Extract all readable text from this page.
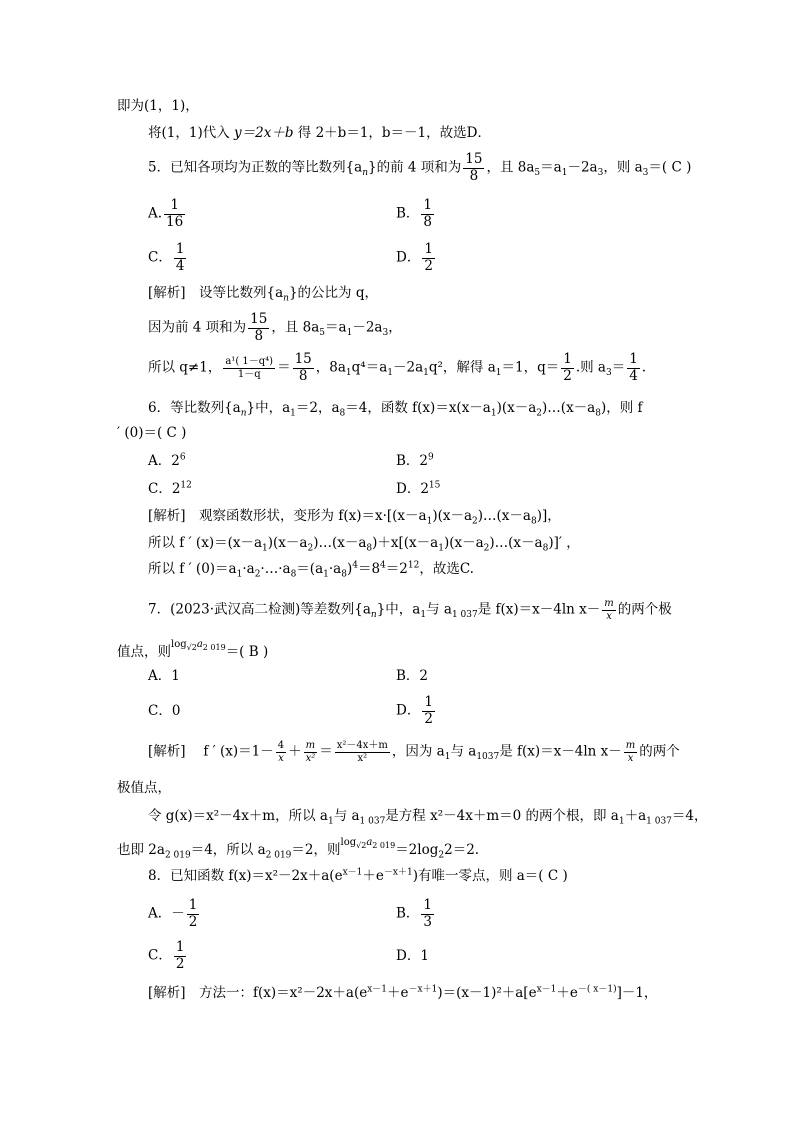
即为(1，1)，
将(1，1)代入 y＝2x＋b 得 2＋b＝1，b＝－1，故选D．
5．已知各项均为正数的等比数列$\{a_n\}$的前 4 项和为 $\frac{15}{8}$ ，且 $8a_5=a_1-2a_3$，则 $a_3=$( C )
A. $\frac{1}{16}$	B． $\frac{1}{8}$
C． $\frac{1}{4}$	D． $\frac{1}{2}$
[解析]　设等比数列$\{a_n\}$的公比为 q，
因为前 4 项和为 $\frac{15}{8}$ ，且 $8a_5=a_1-2a_3$，
所以 q≠1， $\frac{\text{a¹( 1－q⁴)}}{1-q} = \frac{15}{8}$ ，$8a_1q^4=a_1-2a_1q^2$，解得 $a_1=1$，$q= \frac{1}{2}$ .则 $a_3= \frac{1}{4}$ .
6．等比数列$\{a_n\}$中，$a_1=2$，$a_8=4$，函数 $f(x)=x(x-a_1)(x-a_2)\dots(x-a_8)$，则 f
′ (0)＝( C )
A．$2^6$	B．$2^9$
C．$2^{12}$	D．$2^{15}$
[解析]　观察函数形状，变形为 $f(x)=x\cdot[(x-a_1)(x-a_2)\dots(x-a_8)]$，
所以 f ′ $(x)=(x-a_1)(x-a_2)\dots(x-a_8)+x[(x-a_1)(x-a_2)\dots(x-a_8)]'$ ，
所以 f ′ $(0)=a_1\cdot a_2\cdot\dots\cdot a_8=(a_1\cdot a_8)^4=8^4=2^{12}$，故选C.
7．(2023·武汉高二检测)等差数列$\{a_n\}$中，$a_1$与 $a_{1 037}$是 f(x)＝x－4ln $x- \frac{m}{x}$ 的两个极
值点，则$\log_{√2}a_{2 019}=$( B )
A．1	B．2
C．0	D． $\frac{1}{2}$
[解析]　 f ′ $(x)=1- \frac{4}{x} + \frac{m}{\text{x²}} = \frac{\text{x²－4x＋m}}{\text{x²}}$ ，因为 $a_1$与 $a_{1037}$是 f(x)＝x－4ln $x- \frac{m}{x}$ 的两个
极值点，
令 g(x)＝x²－4x＋m，所以 $a_1$与 $a_{1 037}$是方程 x²－4x＋m＝0 的两个根，即 $a_1+a_{1 037}=4$，
也即 $2a_{2 019}=4$，所以 $a_{2 019}=2$，则$\log_{√2}a_{2 019}=2\log_22=2$.
8．已知函数 $f(x)=x^2-2x+a(e^{x-1}+e^{-x+1})$有唯一零点，则 a＝( C )
A．－ $\frac{1}{2}$	B． $\frac{1}{3}$
C． $\frac{1}{2}$	D．1
[解析]　方法一：$f(x)=x^2-2x+a(e^{x-1}+e^{-x+1})=(x-1)^2+a[e^{x-1}+e^{-( x-1)}]-1$，
